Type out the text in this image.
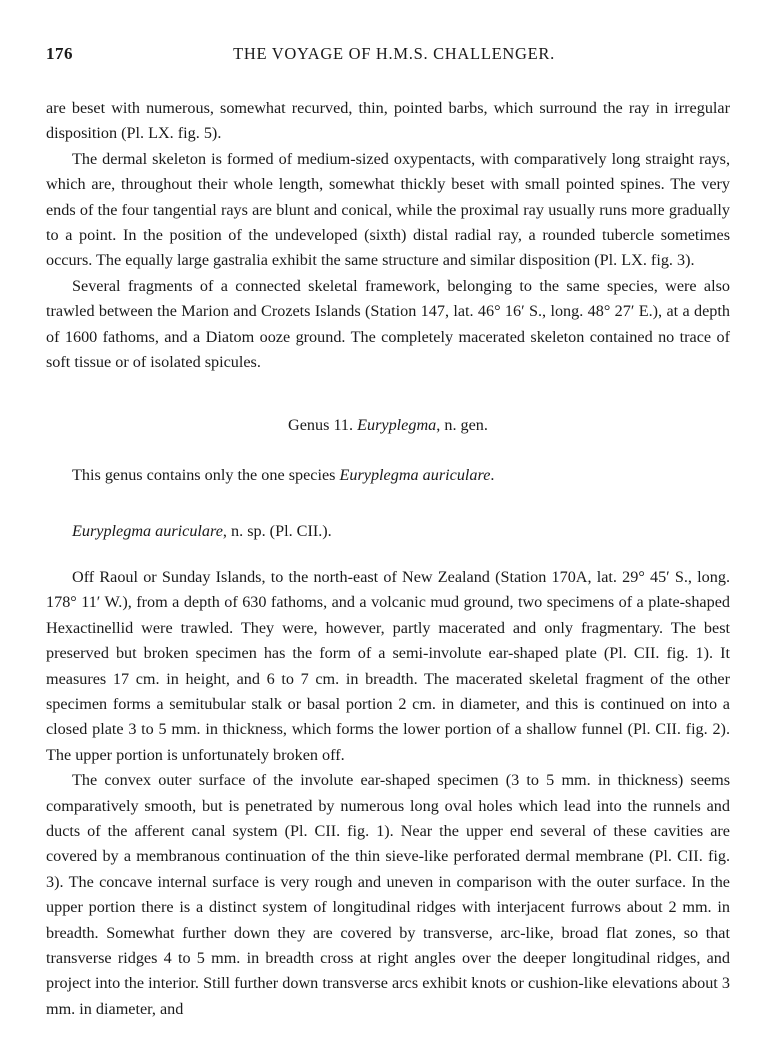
176	THE VOYAGE OF H.M.S. CHALLENGER.

are beset with numerous, somewhat recurved, thin, pointed barbs, which surround the ray in irregular disposition (Pl. LX. fig. 5).

The dermal skeleton is formed of medium-sized oxypentacts, with comparatively long straight rays, which are, throughout their whole length, somewhat thickly beset with small pointed spines. The very ends of the four tangential rays are blunt and conical, while the proximal ray usually runs more gradually to a point. In the position of the undeveloped (sixth) distal radial ray, a rounded tubercle sometimes occurs. The equally large gastralia exhibit the same structure and similar disposition (Pl. LX. fig. 3).

Several fragments of a connected skeletal framework, belonging to the same species, were also trawled between the Marion and Crozets Islands (Station 147, lat. 46° 16′ S., long. 48° 27′ E.), at a depth of 1600 fathoms, and a Diatom ooze ground. The completely macerated skeleton contained no trace of soft tissue or of isolated spicules.

Genus 11. Euryplegma, n. gen.

This genus contains only the one species Euryplegma auriculare.

Euryplegma auriculare, n. sp. (Pl. CII.).

Off Raoul or Sunday Islands, to the north-east of New Zealand (Station 170A, lat. 29° 45′ S., long. 178° 11′ W.), from a depth of 630 fathoms, and a volcanic mud ground, two specimens of a plate-shaped Hexactinellid were trawled. They were, however, partly macerated and only fragmentary. The best preserved but broken specimen has the form of a semi-involute ear-shaped plate (Pl. CII. fig. 1). It measures 17 cm. in height, and 6 to 7 cm. in breadth. The macerated skeletal fragment of the other specimen forms a semitubular stalk or basal portion 2 cm. in diameter, and this is continued on into a closed plate 3 to 5 mm. in thickness, which forms the lower portion of a shallow funnel (Pl. CII. fig. 2). The upper portion is unfortunately broken off.

The convex outer surface of the involute ear-shaped specimen (3 to 5 mm. in thickness) seems comparatively smooth, but is penetrated by numerous long oval holes which lead into the runnels and ducts of the afferent canal system (Pl. CII. fig. 1). Near the upper end several of these cavities are covered by a membranous continuation of the thin sieve-like perforated dermal membrane (Pl. CII. fig. 3). The concave internal surface is very rough and uneven in comparison with the outer surface. In the upper portion there is a distinct system of longitudinal ridges with interjacent furrows about 2 mm. in breadth. Somewhat further down they are covered by transverse, arc-like, broad flat zones, so that transverse ridges 4 to 5 mm. in breadth cross at right angles over the deeper longitudinal ridges, and project into the interior. Still further down transverse arcs exhibit knots or cushion-like elevations about 3 mm. in diameter, and
